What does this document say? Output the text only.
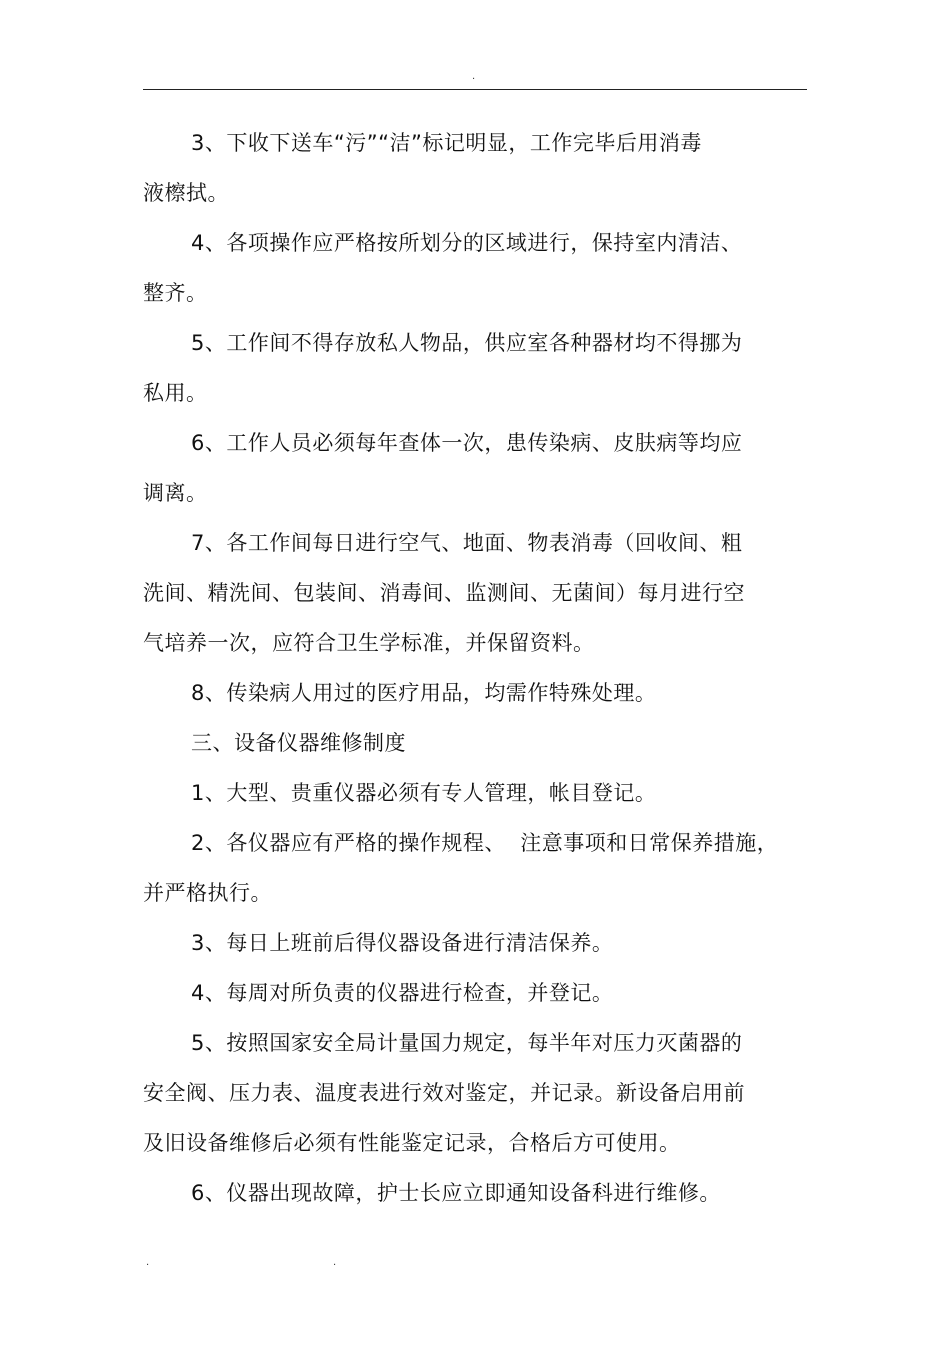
.
3、下收下送车“污”“洁”标记明显，工作完毕后用消毒
液檫拭。
4、各项操作应严格按所划分的区域进行，保持室内清洁、
整齐。
5、工作间不得存放私人物品，供应室各种器材均不得挪为
私用。
6、工作人员必须每年查体一次，患传染病、皮肤病等均应
调离。
7、各工作间每日进行空气、地面、物表消毒（回收间、粗
洗间、精洗间、包装间、消毒间、监测间、无菌间）每月进行空
气培养一次，应符合卫生学标准，并保留资料。
8、传染病人用过的医疗用品，均需作特殊处理。
三、设备仪器维修制度
1、大型、贵重仪器必须有专人管理，帐目登记。
2、各仪器应有严格的操作规程、  注意事项和日常保养措施，
并严格执行。
3、每日上班前后得仪器设备进行清洁保养。
4、每周对所负责的仪器进行检查，并登记。
5、按照国家安全局计量国力规定，每半年对压力灭菌器的
安全阀、压力表、温度表进行效对鉴定，并记录。新设备启用前
及旧设备维修后必须有性能鉴定记录，合格后方可使用。
6、仪器出现故障，护士长应立即通知设备科进行维修。
.	.
